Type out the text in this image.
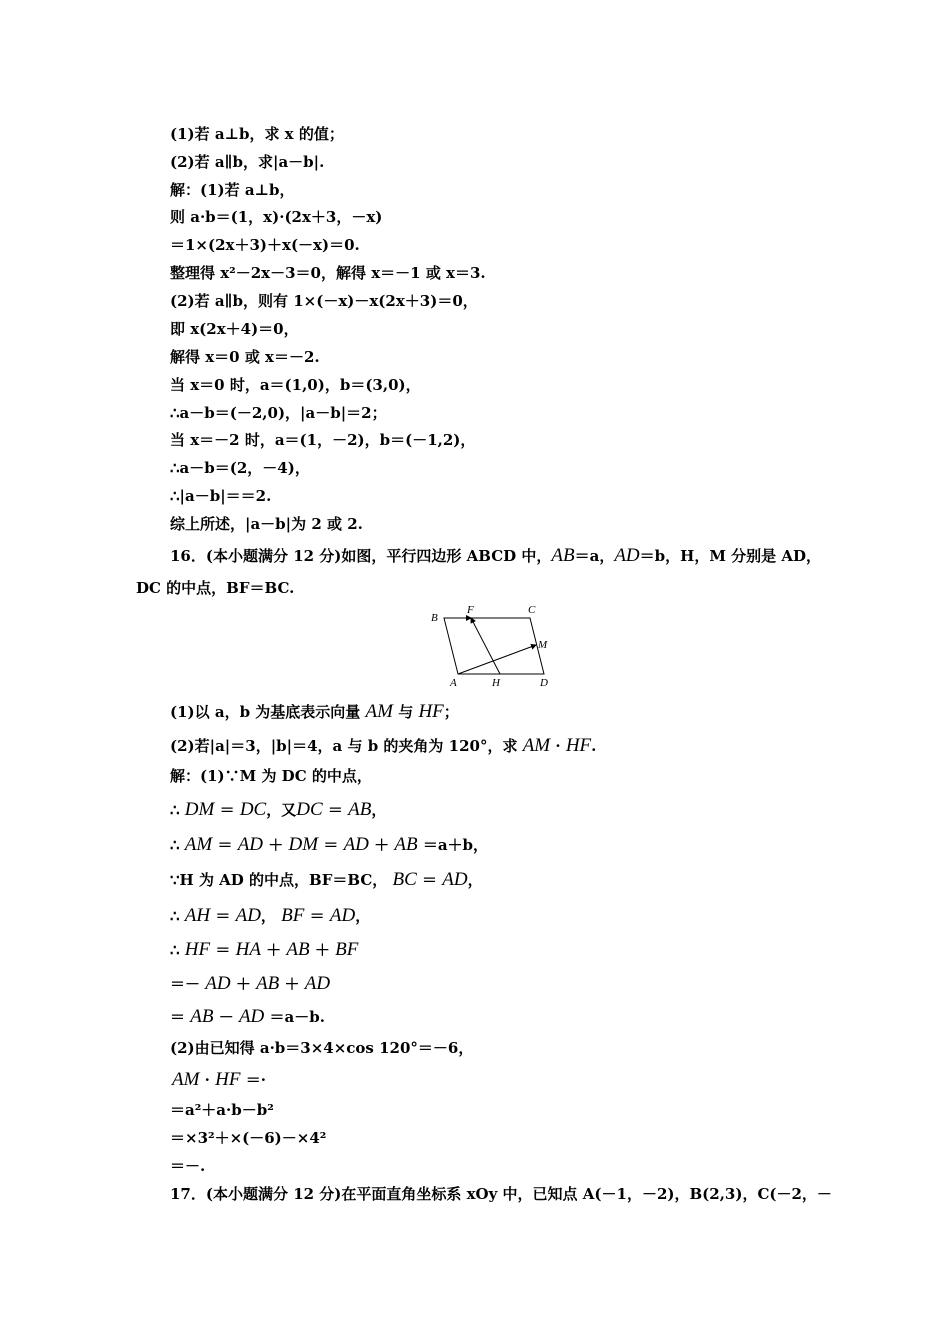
(1)若 a⊥b，求 x 的值；
(2)若 a∥b，求|a－b|.
解：(1)若 a⊥b，
则 a·b＝(1，x)·(2x＋3，－x)
＝1×(2x＋3)＋x(－x)＝0.
整理得 x²－2x－3＝0，解得 x＝－1 或 x＝3.
(2)若 a∥b，则有 1×(－x)－x(2x＋3)＝0，
即 x(2x＋4)＝0，
解得 x＝0 或 x＝－2.
当 x＝0 时，a＝(1,0)，b＝(3,0)，
∴a－b＝(－2,0)，|a－b|＝2；
当 x＝－2 时，a＝(1，－2)，b＝(－1,2)，
∴a－b＝(2，－4)，
∴|a－b|＝＝2.
综上所述，|a－b|为 2 或 2.
16．(本小题满分 12 分)如图，平行四边形 ABCD 中，AB＝a，AD＝b，H，M 分别是 AD，
DC 的中点，BF＝BC.
B
F	C
M
A	H	D
(1)以 a，b 为基底表示向量 AM 与 HF；
(2)若|a|＝3，|b|＝4，a 与 b 的夹角为 120°，求 AM · HF.
解：(1)∵M 为 DC 的中点，
∴ DM ＝ DC，又DC ＝ AB，
∴ AM ＝ AD ＋ DM ＝ AD ＋ AB ＝a＋b，
∵H 为 AD 的中点，BF＝BC， BC ＝ AD，
∴ AH ＝ AD， BF ＝ AD，
∴ HF ＝ HA ＋ AB ＋ BF
＝－ AD ＋ AB ＋ AD
＝ AB － AD ＝a－b.
(2)由已知得 a·b＝3×4×cos 120°＝－6，
AM · HF ＝·
＝a²＋a·b－b²
＝×3²＋×(－6)－×4²
＝－.
17．(本小题满分 12 分)在平面直角坐标系 xOy 中，已知点 A(－1，－2)，B(2,3)，C(－2，－
